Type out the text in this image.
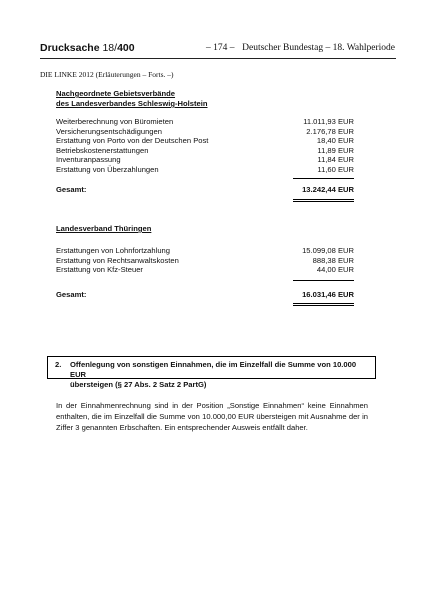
Drucksache 18/400	– 174 – Deutscher Bundestag – 18. Wahlperiode
DIE LINKE 2012 (Erläuterungen – Forts. –)
Nachgeordnete Gebietsverbände
des Landesverbandes Schleswig-Holstein
Weiterberechnung von Büromieten	11.011,93 EUR
Versicherungsentschädigungen	2.176,78 EUR
Erstattung von Porto von der Deutschen Post	18,40 EUR
Betriebskostenerstattungen	11,89 EUR
Inventuranpassung	11,84 EUR
Erstattung von Überzahlungen	11,60 EUR
Gesamt:	13.242,44 EUR
Landesverband Thüringen
Erstattungen von Lohnfortzahlung	15.099,08 EUR
Erstattung von Rechtsanwaltskosten	888,38 EUR
Erstattung von Kfz-Steuer	44,00 EUR
Gesamt:	16.031,46 EUR
2. Offenlegung von sonstigen Einnahmen, die im Einzelfall die Summe von 10.000 EUR
übersteigen (§ 27 Abs. 2 Satz 2 PartG)
In der Einnahmenrechnung sind in der Position „Sonstige Einnahmen“ keine Einnahmen enthalten, die im Einzelfall die Summe von 10.000,00 EUR übersteigen mit Ausnahme der in Ziffer 3 genannten Erbschaften. Ein entsprechender Ausweis entfällt daher.
